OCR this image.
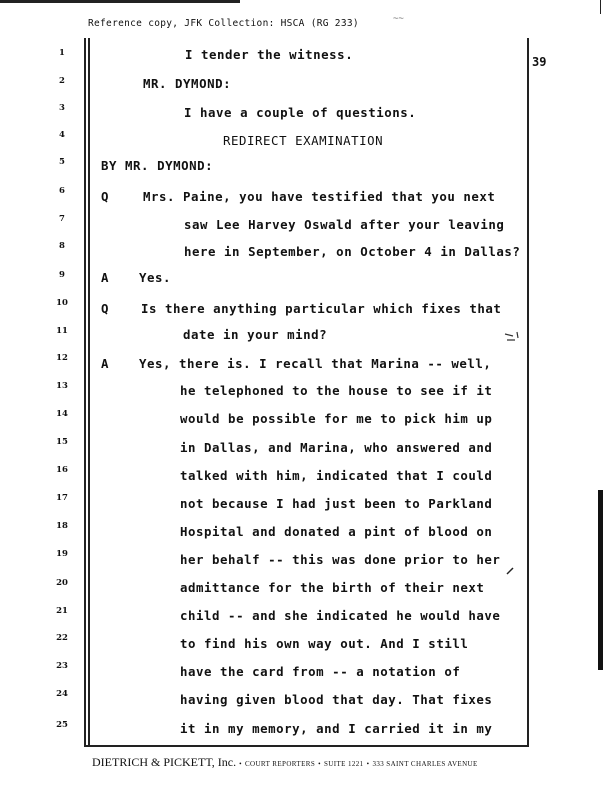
Reference copy, JFK Collection: HSCA (RG 233)	~~
39
1
2
3
4
5
6
7
8
9
10
11
12
13
14
15
16
17
18
19
20
21
22
23
24
25
Q
A
Q
A
I tender the witness.
MR. DYMOND:
I have a couple of questions.
REDIRECT EXAMINATION
BY MR. DYMOND:
Mrs. Paine, you have testified that you next
saw Lee Harvey Oswald after your leaving
here in September, on October 4 in Dallas?
Yes.
Is there anything particular which fixes that
date in your mind?
Yes, there is. I recall that Marina -- well,
he telephoned to the house to see if it
would be possible for me to pick him up
in Dallas, and Marina, who answered and
talked with him, indicated that I could
not because I had just been to Parkland
Hospital and donated a pint of blood on
her behalf -- this was done prior to her
admittance for the birth of their next
child -- and she indicated he would have
to find his own way out. And I still
have the card from -- a notation of
having given blood that day. That fixes
it in my memory, and I carried it in my
DIETRICH & PICKETT, Inc. • COURT REPORTERS • SUITE 1221 • 333 SAINT CHARLES AVENUE
